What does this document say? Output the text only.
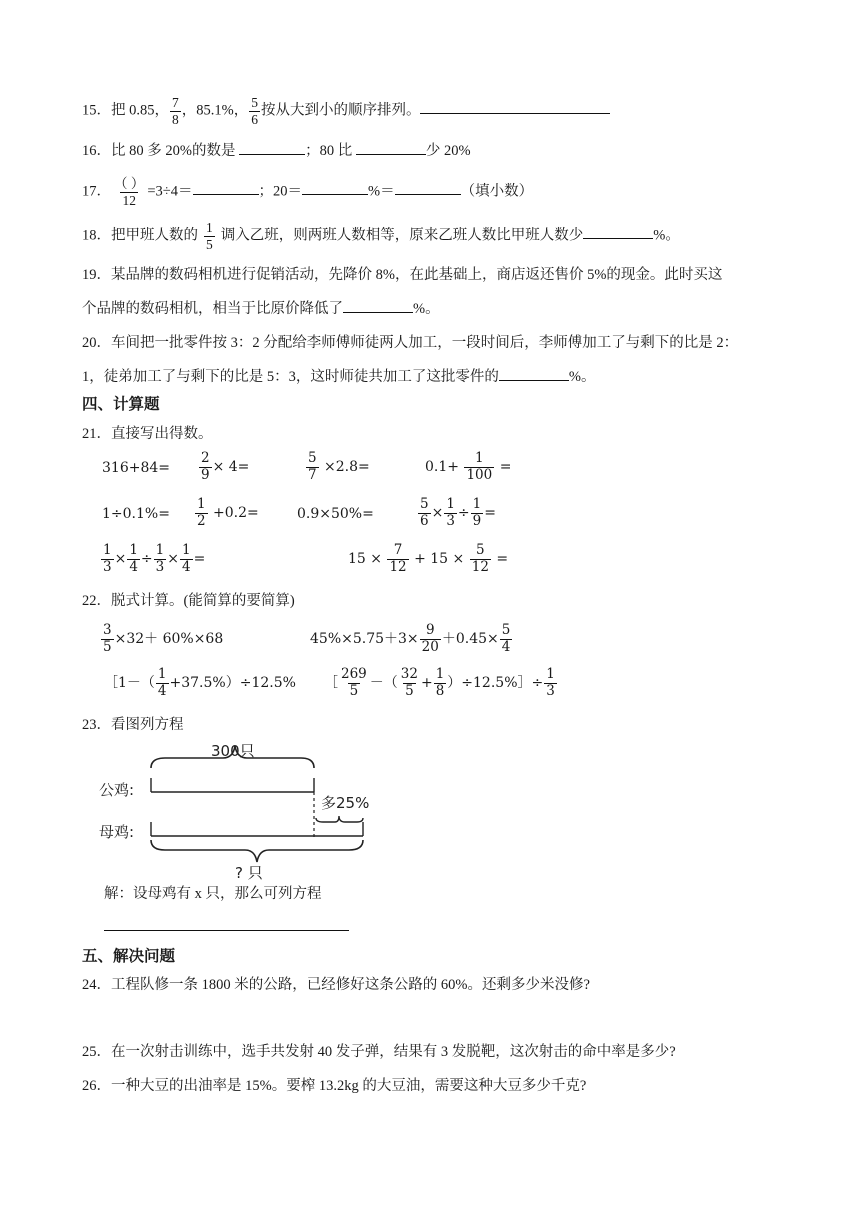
15．把 0.85， $\frac{7}{8}$ ，85.1%， $\frac{5}{6}$ 按从大到小的顺序排列。
16．比 80 多 20%的数是	；80 比	少 20%
17． $\frac{( )}{12} =3\div 4=$	；20＝	%＝	（填小数）
18．把甲班人数的 $\frac{1}{5}$ 调入乙班，则两班人数相等，原来乙班人数比甲班人数少	%。
19．某品牌的数码相机进行促销活动，先降价 8%，在此基础上，商店返还售价 5%的现金。此时买这
个品牌的数码相机，相当于比原价降低了	%。
20．车间把一批零件按 3：2 分配给李师傅师徒两人加工，一段时间后，李师傅加工了与剩下的比是 2：
1，徒弟加工了与剩下的比是 5：3，这时师徒共加工了这批零件的	%。
四、计算题
21．直接写出得数。
$316+84= \frac{2}{9} \times 4=$	$\frac{5}{7} \times 2.8=$	$0.1+ \frac{1}{100}$ =
$1\div 0.1\%= \frac{1}{2} +0.2=$	0.9×50%=	$\frac{5}{6} \times \frac{1}{3} \div \frac{1}{9}$ =
$\frac{1}{3} \times \frac{1}{4} \div \frac{1}{3} \times \frac{1}{4}$ =	$15 \times \frac{7}{12} + 15 \times \frac{5}{12}$ =
22．脱式计算。(能简算的要简算)
$\frac{3}{5} \times 32+ 60\%\times 68$	$45\%\times 5.75+3\times \frac{9}{20} +0.45\times \frac{5}{4}$
［1－（ $\frac{1}{4} +37.5\%)\div 12.5\%$ ［ $\frac{269}{5}$ －（ $\frac{32}{5} + \frac{1}{8}$ ）÷12.5%］÷ $\frac{1}{3}$
23．看图列方程
300只
公鸡:
多25%
母鸡:
? 只
解：设母鸡有 x 只，那么可列方程
五、解决问题
24．工程队修一条 1800 米的公路，已经修好这条公路的 60%。还剩多少米没修?
25．在一次射击训练中，选手共发射 40 发子弹，结果有 3 发脱靶，这次射击的命中率是多少?
26．一种大豆的出油率是 15%。要榨 13.2kg 的大豆油，需要这种大豆多少千克?
